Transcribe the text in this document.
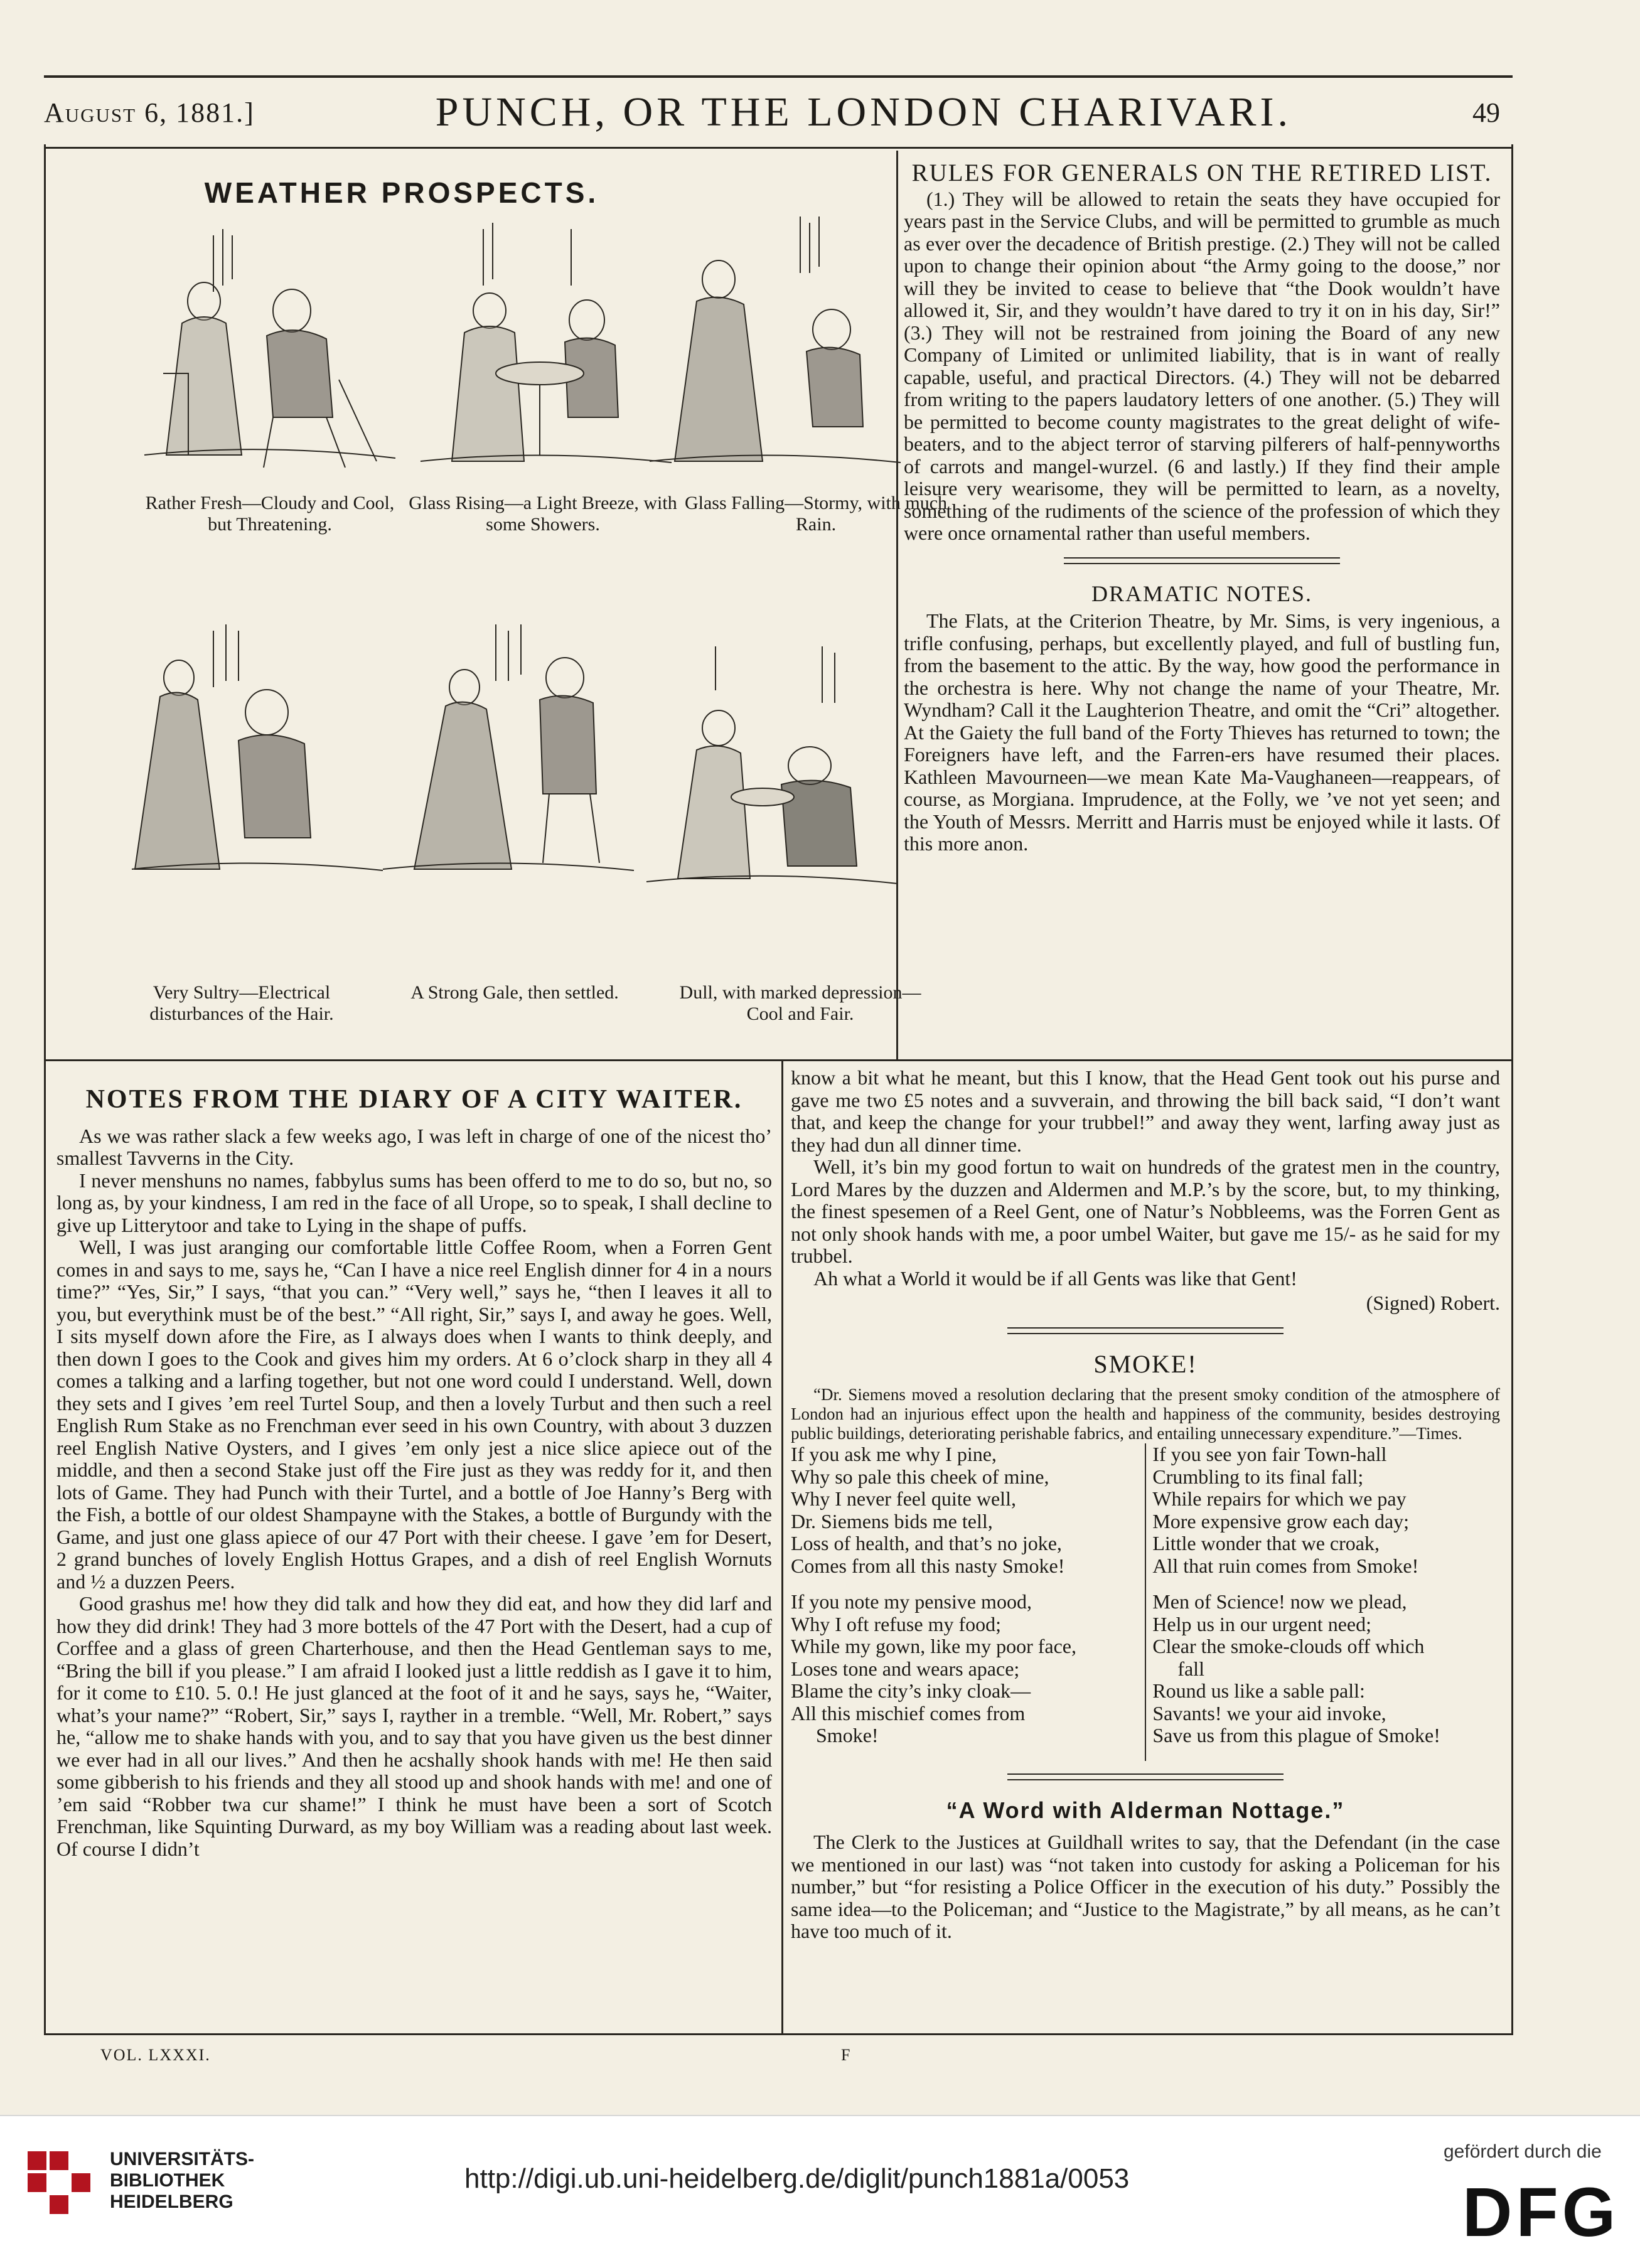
August 6, 1881.]	PUNCH, OR THE LONDON CHARIVARI.	49
WEATHER PROSPECTS.
Rather Fresh—Cloudy and Cool, but Threatening.
Glass Rising—a Light Breeze, with some Showers.
Glass Falling—Stormy, with much Rain.
Very Sultry—Electrical disturbances of the Hair.
A Strong Gale, then settled.	Dull, with marked depression—Cool and Fair.
RULES FOR GENERALS ON THE RETIRED LIST.

(1.) They will be allowed to retain the seats they have occupied for years past in the Service Clubs, and will be permitted to grumble as much as ever over the decadence of British prestige. (2.) They will not be called upon to change their opinion about “the Army going to the doose,” nor will they be invited to cease to believe that “the Dook wouldn’t have allowed it, Sir, and they wouldn’t have dared to try it on in his day, Sir!” (3.) They will not be restrained from joining the Board of any new Company of Limited or unlimited liability, that is in want of really capable, useful, and practical Directors. (4.) They will not be debarred from writing to the papers laudatory letters of one another. (5.) They will be permitted to become county magistrates to the great delight of wife-beaters, and to the abject terror of starving pilferers of half-pennyworths of carrots and mangel-wurzel. (6 and lastly.) If they find their ample leisure very wearisome, they will be permitted to learn, as a novelty, something of the rudiments of the science of the profession of which they were once ornamental rather than useful members.

DRAMATIC NOTES.

The Flats, at the Criterion Theatre, by Mr. Sims, is very ingenious, a trifle confusing, perhaps, but excellently played, and full of bustling fun, from the basement to the attic. By the way, how good the performance in the orchestra is here. Why not change the name of your Theatre, Mr. Wyndham? Call it the Laughterion Theatre, and omit the “Cri” altogether. At the Gaiety the full band of the Forty Thieves has returned to town; the Foreigners have left, and the Farren-ers have resumed their places. Kathleen Mavourneen—we mean Kate Ma-Vaughaneen—reappears, of course, as Morgiana. Imprudence, at the Folly, we ’ve not yet seen; and the Youth of Messrs. Merritt and Harris must be enjoyed while it lasts. Of this more anon.

NOTES FROM THE DIARY OF A CITY WAITER.

As we was rather slack a few weeks ago, I was left in charge of one of the nicest tho’ smallest Tavverns in the City.

I never menshuns no names, fabbylus sums has been offerd to me to do so, but no, so long as, by your kindness, I am red in the face of all Urope, so to speak, I shall decline to give up Litterytoor and take to Lying in the shape of puffs.

Well, I was just aranging our comfortable little Coffee Room, when a Forren Gent comes in and says to me, says he, “Can I have a nice reel English dinner for 4 in a nours time?” “Yes, Sir,” I says, “that you can.” “Very well,” says he, “then I leaves it all to you, but everythink must be of the best.” “All right, Sir,” says I, and away he goes. Well, I sits myself down afore the Fire, as I always does when I wants to think deeply, and then down I goes to the Cook and gives him my orders. At 6 o’clock sharp in they all 4 comes a talking and a larfing together, but not one word could I understand. Well, down they sets and I gives ’em reel Turtel Soup, and then a lovely Turbut and then such a reel English Rum Stake as no Frenchman ever seed in his own Country, with about 3 duzzen reel English Native Oysters, and I gives ’em only jest a nice slice apiece out of the middle, and then a second Stake just off the Fire just as they was reddy for it, and then lots of Game. They had Punch with their Turtel, and a bottle of Joe Hanny’s Berg with the Fish, a bottle of our oldest Shampayne with the Stakes, a bottle of Burgundy with the Game, and just one glass apiece of our 47 Port with their cheese. I gave ’em for Desert, 2 grand bunches of lovely English Hottus Grapes, and a dish of reel English Wornuts and ½ a duzzen Peers.

Good grashus me! how they did talk and how they did eat, and how they did larf and how they did drink! They had 3 more bottels of the 47 Port with the Desert, had a cup of Corffee and a glass of green Charterhouse, and then the Head Gentleman says to me, “Bring the bill if you please.” I am afraid I looked just a little reddish as I gave it to him, for it come to £10. 5. 0.! He just glanced at the foot of it and he says, says he, “Waiter, what’s your name?” “Robert, Sir,” says I, rayther in a tremble. “Well, Mr. Robert,” says he, “allow me to shake hands with you, and to say that you have given us the best dinner we ever had in all our lives.” And then he acshally shook hands with me! He then said some gibberish to his friends and they all stood up and shook hands with me! and one of ’em said “Robber twa cur shame!” I think he must have been a sort of Scotch Frenchman, like Squinting Durward, as my boy William was a reading about last week. Of course I didn’t

know a bit what he meant, but this I know, that the Head Gent took out his purse and gave me two £5 notes and a suvverain, and throwing the bill back said, “I don’t want that, and keep the change for your trubbel!” and away they went, larfing away just as they had dun all dinner time.

Well, it’s bin my good fortun to wait on hundreds of the gratest men in the country, Lord Mares by the duzzen and Aldermen and M.P.’s by the score, but, to my thinking, the finest spesemen of a Reel Gent, one of Natur’s Nobbleems, was the Forren Gent as not only shook hands with me, a poor umbel Waiter, but gave me 15/- as he said for my trubbel.

Ah what a World it would be if all Gents was like that Gent!

(Signed) Robert.
SMOKE!

“Dr. Siemens moved a resolution declaring that the present smoky condition of the atmosphere of London had an injurious effect upon the health and happiness of the community, besides destroying public buildings, deteriorating perishable fabrics, and entailing unnecessary expenditure.”—Times.

If you ask me why I pine,
Why so pale this cheek of mine,
Why I never feel quite well,
Dr. Siemens bids me tell,
Loss of health, and that’s no joke,
Comes from all this nasty Smoke!
If you note my pensive mood,
Why I oft refuse my food;
While my gown, like my poor face,
Loses tone and wears apace;
Blame the city’s inky cloak—
All this mischief comes from
Smoke!
If you see yon fair Town-hall
Crumbling to its final fall;
While repairs for which we pay
More expensive grow each day;
Little wonder that we croak,
All that ruin comes from Smoke!
Men of Science! now we plead,
Help us in our urgent need;
Clear the smoke-clouds off which
fall
Round us like a sable pall:
Savants! we your aid invoke,
Save us from this plague of Smoke!
“A Word with Alderman Nottage.”

The Clerk to the Justices at Guildhall writes to say, that the Defendant (in the case we mentioned in our last) was “not taken into custody for asking a Policeman for his number,” but “for resisting a Police Officer in the execution of his duty.” Possibly the same idea—to the Policeman; and “Justice to the Magistrate,” by all means, as he can’t have too much of it.

VOL. LXXXI.	F
UNIVERSITÄTS-
BIBLIOTHEK
HEIDELBERG
http://digi.ub.uni-heidelberg.de/diglit/punch1881a/0053
gefördert durch die
DFG
